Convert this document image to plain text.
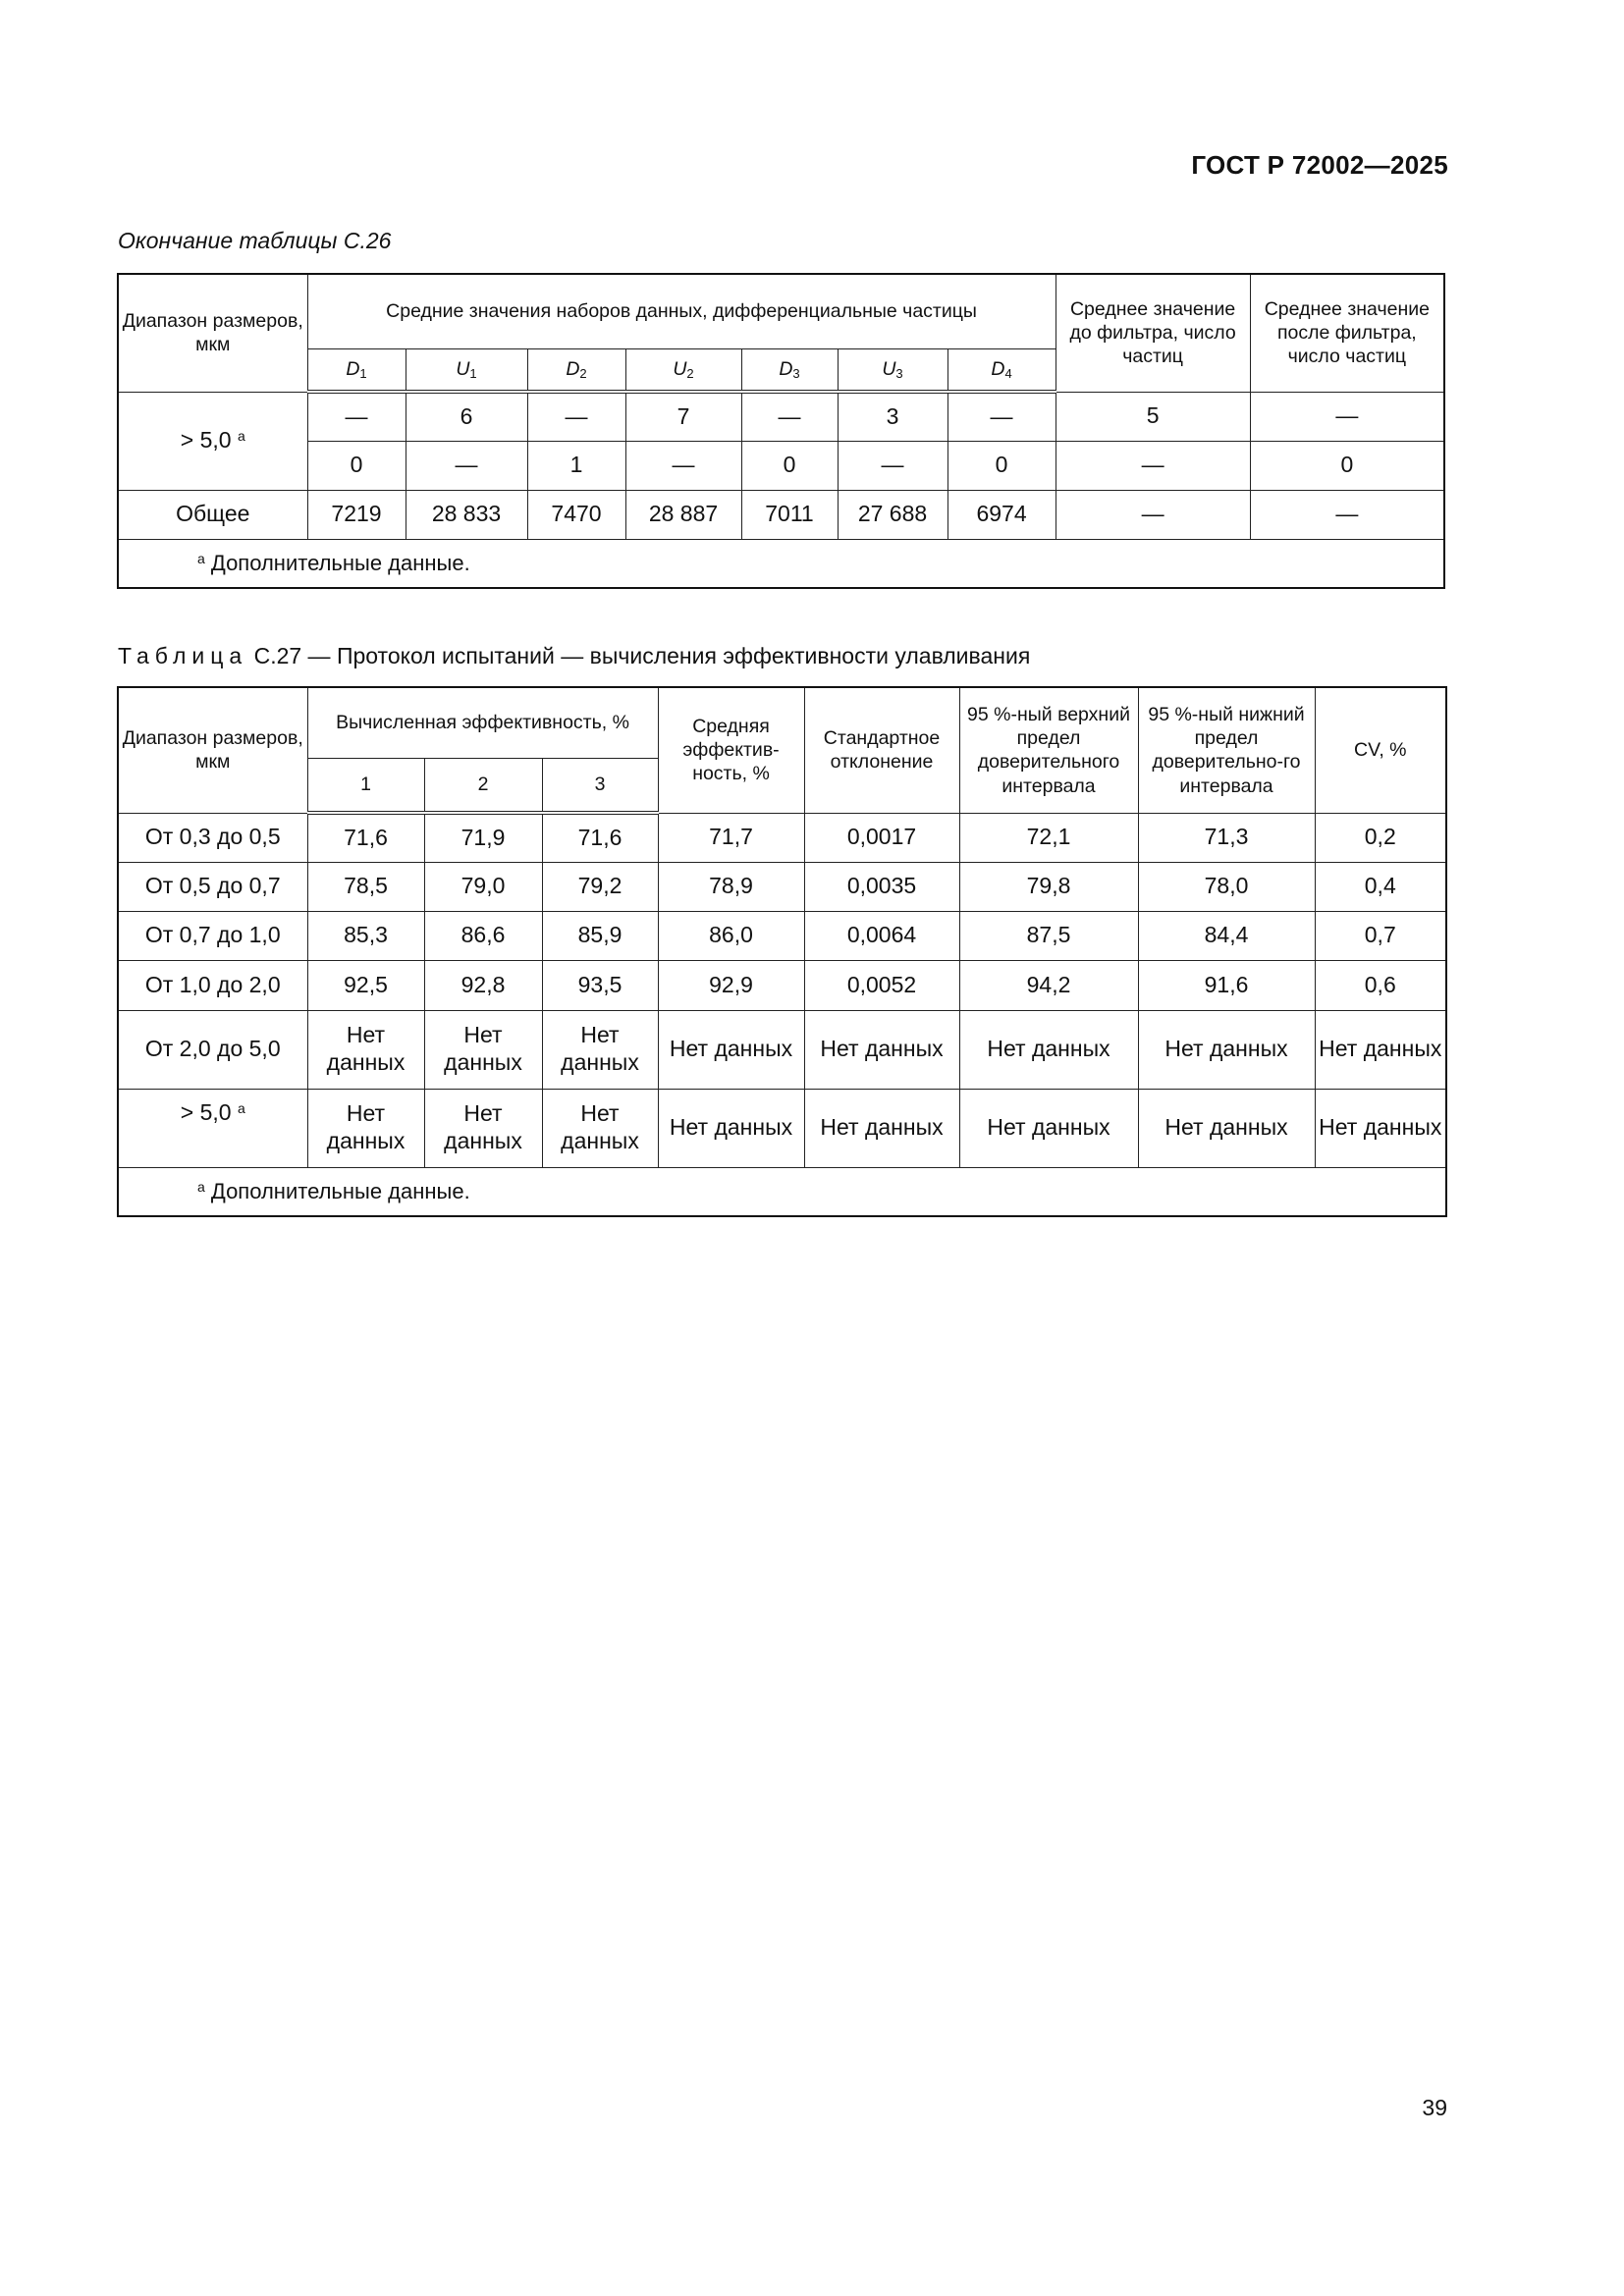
ГОСТ Р 72002—2025
Окончание таблицы С.26
Диапазон размеров, мкм	Средние значения наборов данных, дифференциальные частицы							Среднее значение до фильтра, число частиц	Среднее значение после фильтра, число частиц
	$D_1$	$U_1$	$D_2$	$U_2$	$D_3$	$U_3$	$D_4$
> 5,0 $^a$	—	6	—	7	—	3	—	5	—
	0	—	1	—	0	—	0	—	0
Общее	7219	28 833	7470	28 887	7011	27 688	6974	—	—
$^a$ Дополнительные данные.									
Таблица С.27 — Протокол испытаний — вычисления эффективности улавливания
Диапазон размеров, мкм	Вычисленная эффективность, %			Средняя эффектив-ность, %	Стандартное отклонение	95 %-ный верхний предел доверительного интервала	95 %-ный нижний предел доверительно-го интервала	CV, %
	1	2	3					
От 0,3 до 0,5	71,6	71,9	71,6	71,7	0,0017	72,1	71,3	0,2
От 0,5 до 0,7	78,5	79,0	79,2	78,9	0,0035	79,8	78,0	0,4
От 0,7 до 1,0	85,3	86,6	85,9	86,0	0,0064	87,5	84,4	0,7
От 1,0 до 2,0	92,5	92,8	93,5	92,9	0,0052	94,2	91,6	0,6
От 2,0 до 5,0	Нет данных	Нет данных	Нет данных	Нет данных	Нет данных	Нет данных	Нет данных	Нет данных
> 5,0 $^a$	Нет данных	Нет данных	Нет данных	Нет данных	Нет данных	Нет данных	Нет данных	Нет данных
$^a$ Дополнительные данные.								
39
